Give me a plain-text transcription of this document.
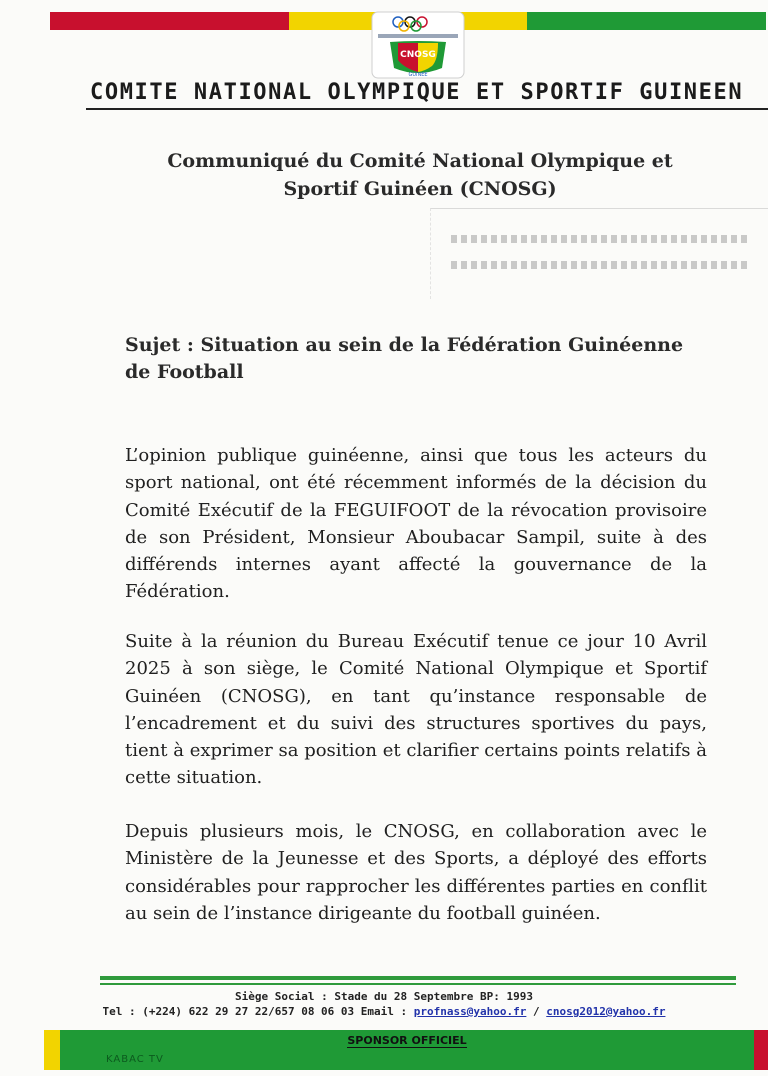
CNOSG
GUINEE
COMITE NATIONAL OLYMPIQUE ET SPORTIF GUINEEN
Communiqué du Comité National Olympique et
Sportif Guinéen (CNOSG)
Sujet : Situation au sein de la Fédération Guinéenne
de Football

L’opinion publique guinéenne, ainsi que tous les acteurs du sport national, ont été récemment informés de la décision du Comité Exécutif de la FEGUIFOOT de la révocation provisoire de son Président, Monsieur Aboubacar Sampil, suite à des différends internes ayant affecté la gouvernance de la Fédération.

Suite à la réunion du Bureau Exécutif tenue ce jour 10 Avril 2025 à son siège, le Comité National Olympique et Sportif Guinéen (CNOSG), en tant qu’instance responsable de l’encadrement et du suivi des structures sportives du pays, tient à exprimer sa position et clarifier certains points relatifs à cette situation.

Depuis plusieurs mois, le CNOSG, en collaboration avec le Ministère de la Jeunesse et des Sports, a déployé des efforts considérables pour rapprocher les différentes parties en conflit au sein de l’instance dirigeante du football guinéen.

Siège Social : Stade du 28 Septembre BP: 1993

Tel : (+224) 622 29 27 22/657 08 06 03 Email : profnass@yahoo.fr / cnosg2012@yahoo.fr

SPONSOR OFFICIEL
KABAC TV
